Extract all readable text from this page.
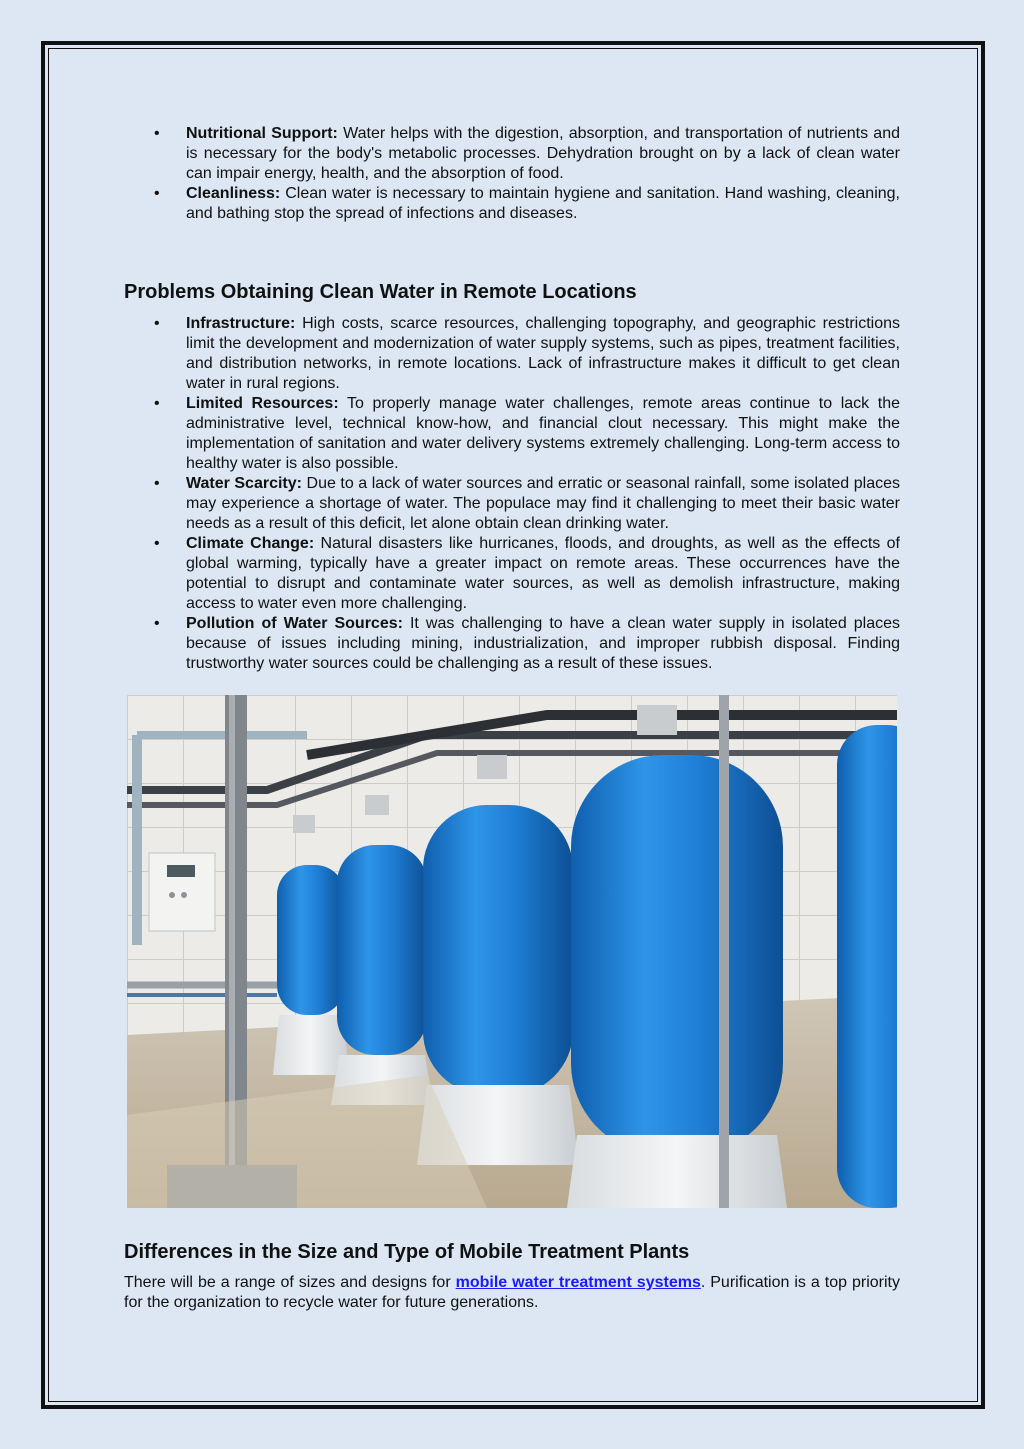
• Nutritional Support: Water helps with the digestion, absorption, and transportation of nutrients and is necessary for the body's metabolic processes. Dehydration brought on by a lack of clean water can impair energy, health, and the absorption of food.
• Cleanliness: Clean water is necessary to maintain hygiene and sanitation. Hand washing, cleaning, and bathing stop the spread of infections and diseases.
Problems Obtaining Clean Water in Remote Locations
• Infrastructure: High costs, scarce resources, challenging topography, and geographic restrictions limit the development and modernization of water supply systems, such as pipes, treatment facilities, and distribution networks, in remote locations. Lack of infrastructure makes it difficult to get clean water in rural regions.
• Limited Resources: To properly manage water challenges, remote areas continue to lack the administrative level, technical know-how, and financial clout necessary. This might make the implementation of sanitation and water delivery systems extremely challenging. Long-term access to healthy water is also possible.
• Water Scarcity: Due to a lack of water sources and erratic or seasonal rainfall, some isolated places may experience a shortage of water. The populace may find it challenging to meet their basic water needs as a result of this deficit, let alone obtain clean drinking water.
• Climate Change: Natural disasters like hurricanes, floods, and droughts, as well as the effects of global warming, typically have a greater impact on remote areas. These occurrences have the potential to disrupt and contaminate water sources, as well as demolish infrastructure, making access to water even more challenging.
• Pollution of Water Sources: It was challenging to have a clean water supply in isolated places because of issues including mining, industrialization, and improper rubbish disposal. Finding trustworthy water sources could be challenging as a result of these issues.
Differences in the Size and Type of Mobile Treatment Plants

There will be a range of sizes and designs for mobile water treatment systems. Purification is a top priority for the organization to recycle water for future generations.
